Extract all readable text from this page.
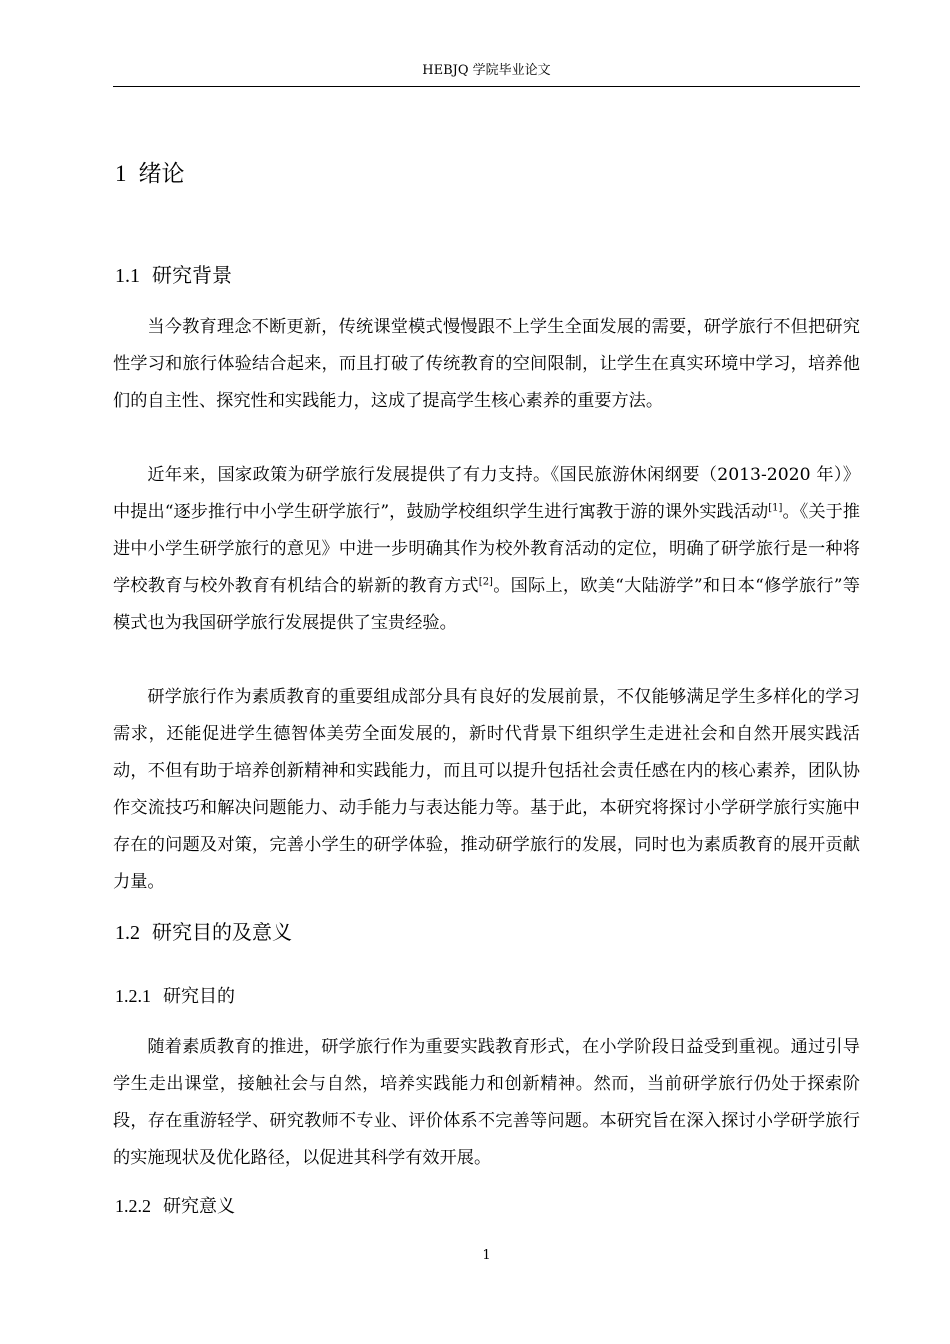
HEBJQ 学院毕业论文
1 绪论
1.1 研究背景

当今教育理念不断更新，传统课堂模式慢慢跟不上学生全面发展的需要，研学旅行不但把研究性学习和旅行体验结合起来，而且打破了传统教育的空间限制，让学生在真实环境中学习，培养他们的自主性、探究性和实践能力，这成了提高学生核心素养的重要方法。

近年来，国家政策为研学旅行发展提供了有力支持。《国民旅游休闲纲要（2013-2020 年）》中提出“逐步推行中小学生研学旅行”，鼓励学校组织学生进行寓教于游的课外实践活动[1]。《关于推进中小学生研学旅行的意见》中进一步明确其作为校外教育活动的定位，明确了研学旅行是一种将学校教育与校外教育有机结合的崭新的教育方式[2]。国际上，欧美“大陆游学”和日本“修学旅行”等模式也为我国研学旅行发展提供了宝贵经验。

研学旅行作为素质教育的重要组成部分具有良好的发展前景，不仅能够满足学生多样化的学习需求，还能促进学生德智体美劳全面发展的，新时代背景下组织学生走进社会和自然开展实践活动，不但有助于培养创新精神和实践能力，而且可以提升包括社会责任感在内的核心素养，团队协作交流技巧和解决问题能力、动手能力与表达能力等。基于此，本研究将探讨小学研学旅行实施中存在的问题及对策，完善小学生的研学体验，推动研学旅行的发展，同时也为素质教育的展开贡献力量。

1.2 研究目的及意义
1.2.1 研究目的

随着素质教育的推进，研学旅行作为重要实践教育形式，在小学阶段日益受到重视。通过引导学生走出课堂，接触社会与自然，培养实践能力和创新精神。然而，当前研学旅行仍处于探索阶段，存在重游轻学、研究教师不专业、评价体系不完善等问题。本研究旨在深入探讨小学研学旅行的实施现状及优化路径，以促进其科学有效开展。

1.2.2 研究意义
1
